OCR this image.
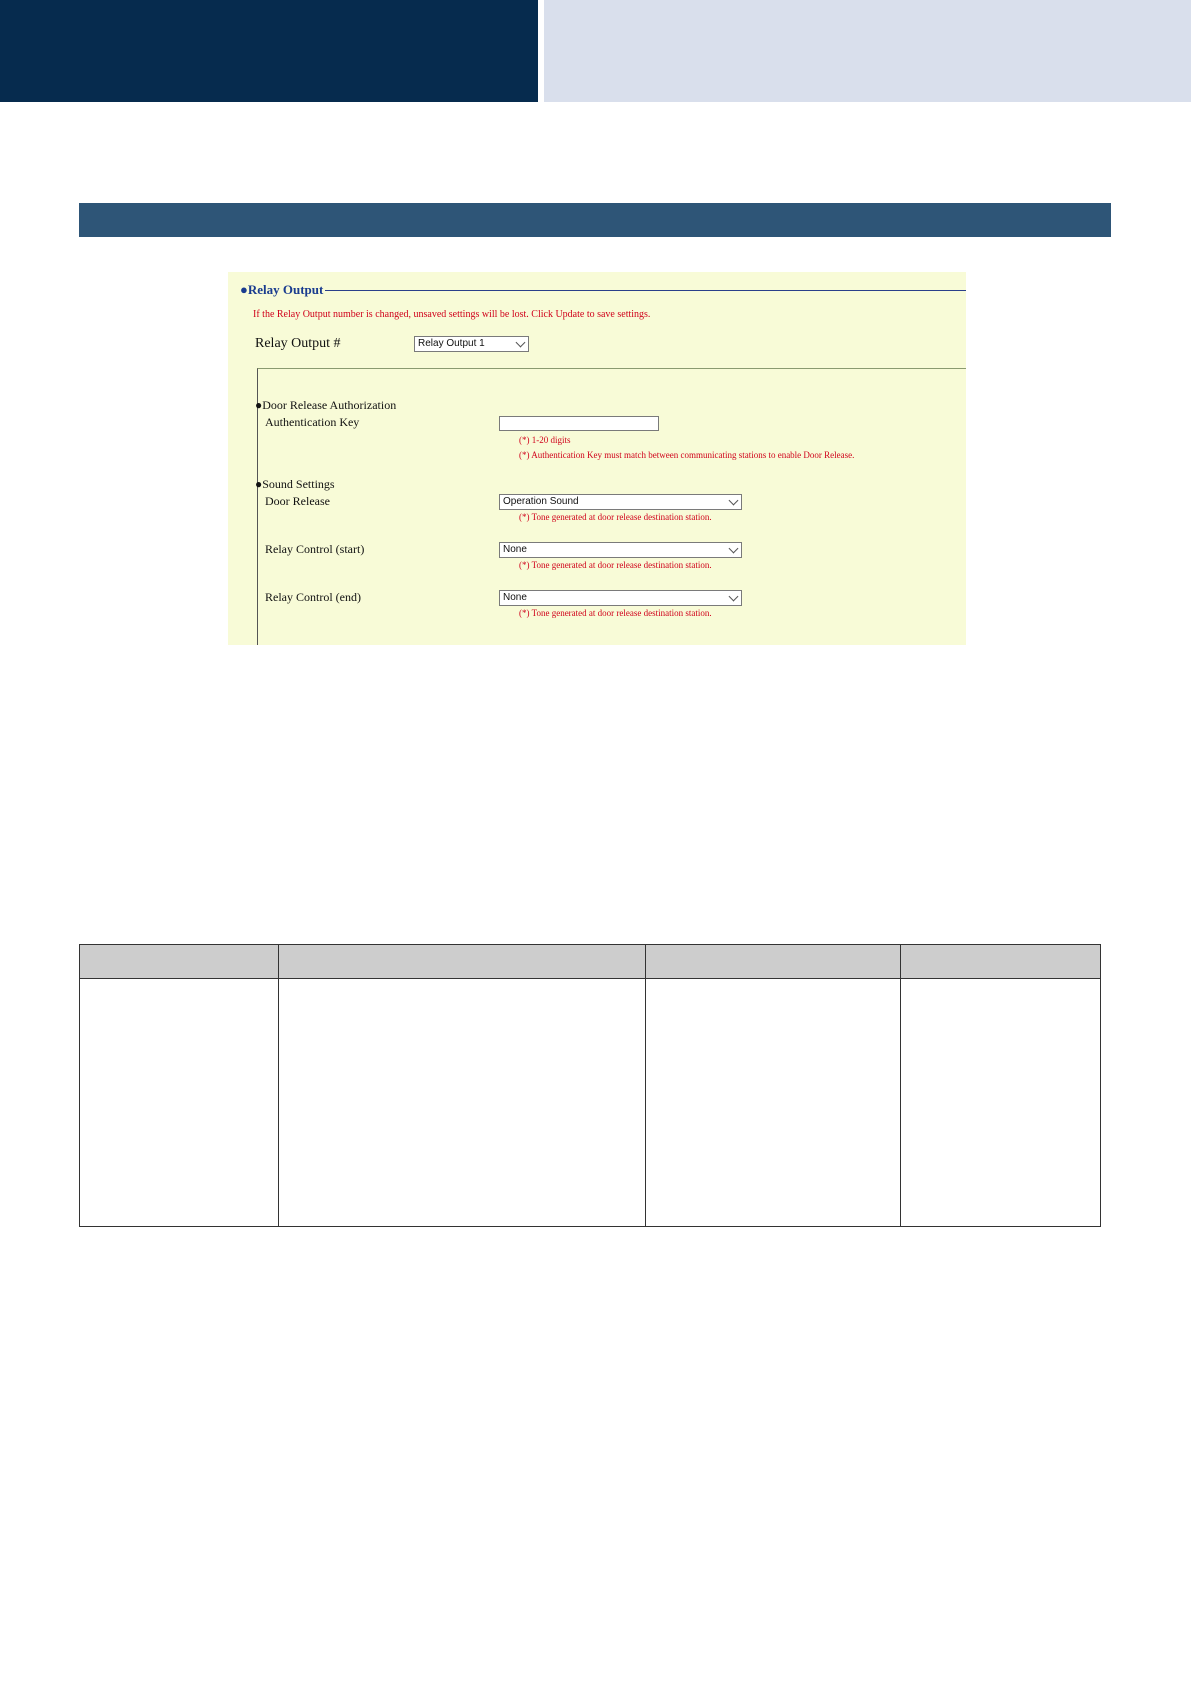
●Relay Output
If the Relay Output number is changed, unsaved settings will be lost. Click Update to save settings.
Relay Output #	Relay Output 1
●Door Release Authorization
Authentication Key
(*) 1-20 digits
(*) Authentication Key must match between communicating stations to enable Door Release.
●Sound Settings
Door Release	Operation Sound
(*) Tone generated at door release destination station.
Relay Control (start)	None
(*) Tone generated at door release destination station.
Relay Control (end)	None
(*) Tone generated at door release destination station.
